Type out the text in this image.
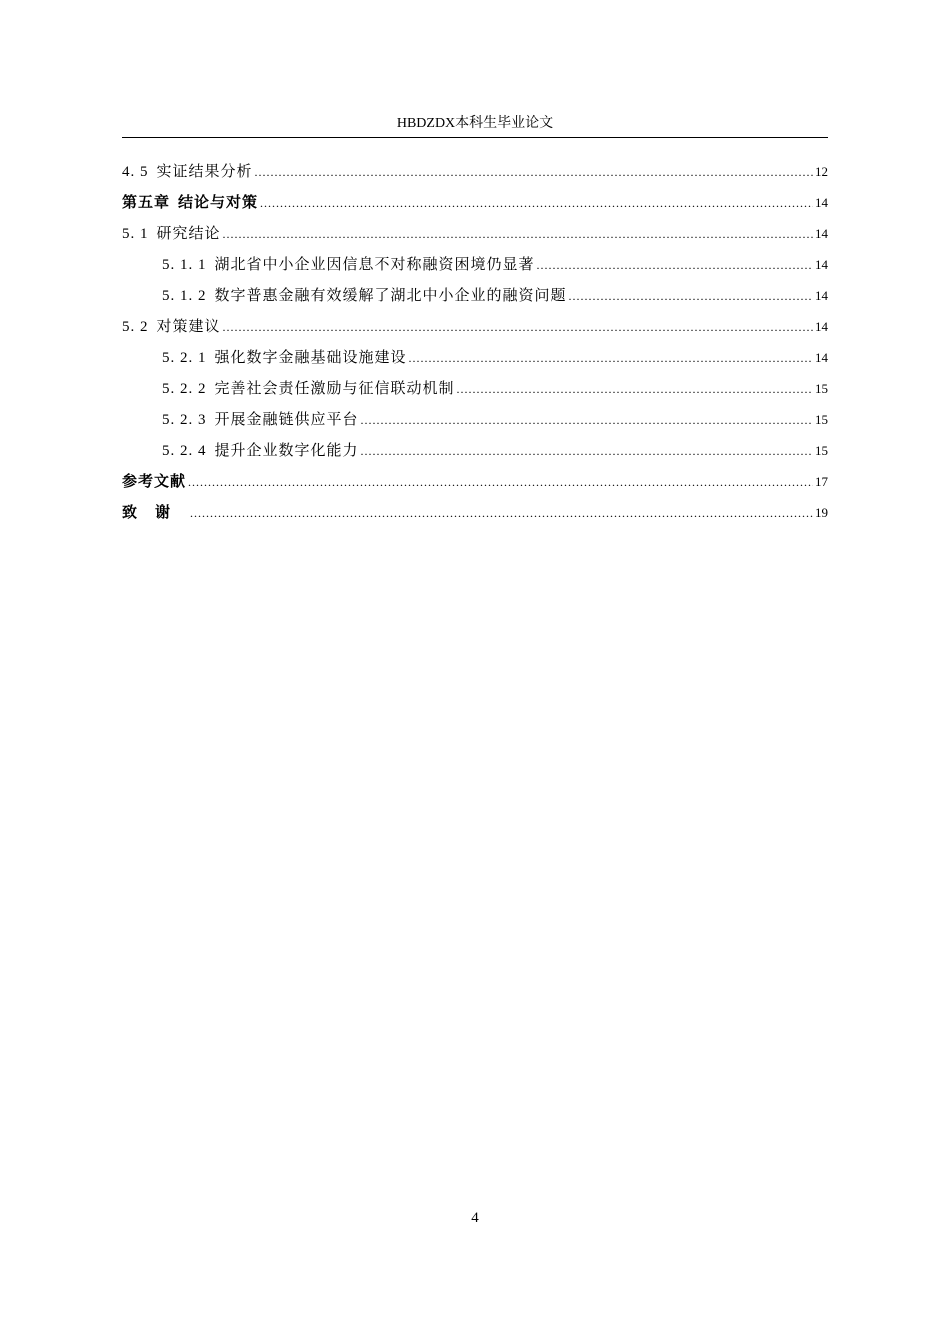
HBDZDX本科生毕业论文
4. 5 实证结果分析 .....	12
第五章 结论与对策 .....	14
5. 1 研究结论 .....	14
5. 1. 1 湖北省中小企业因信息不对称融资困境仍显著 .....	14
5. 1. 2 数字普惠金融有效缓解了湖北中小企业的融资问题 .....	14
5. 2 对策建议 .....	14
5. 2. 1 强化数字金融基础设施建设 .....	14
5. 2. 2 完善社会责任激励与征信联动机制 .....	15
5. 2. 3 开展金融链供应平台 .....	15
5. 2. 4 提升企业数字化能力 .....	15
参考文献 .....	17
致谢 .....	19
4
